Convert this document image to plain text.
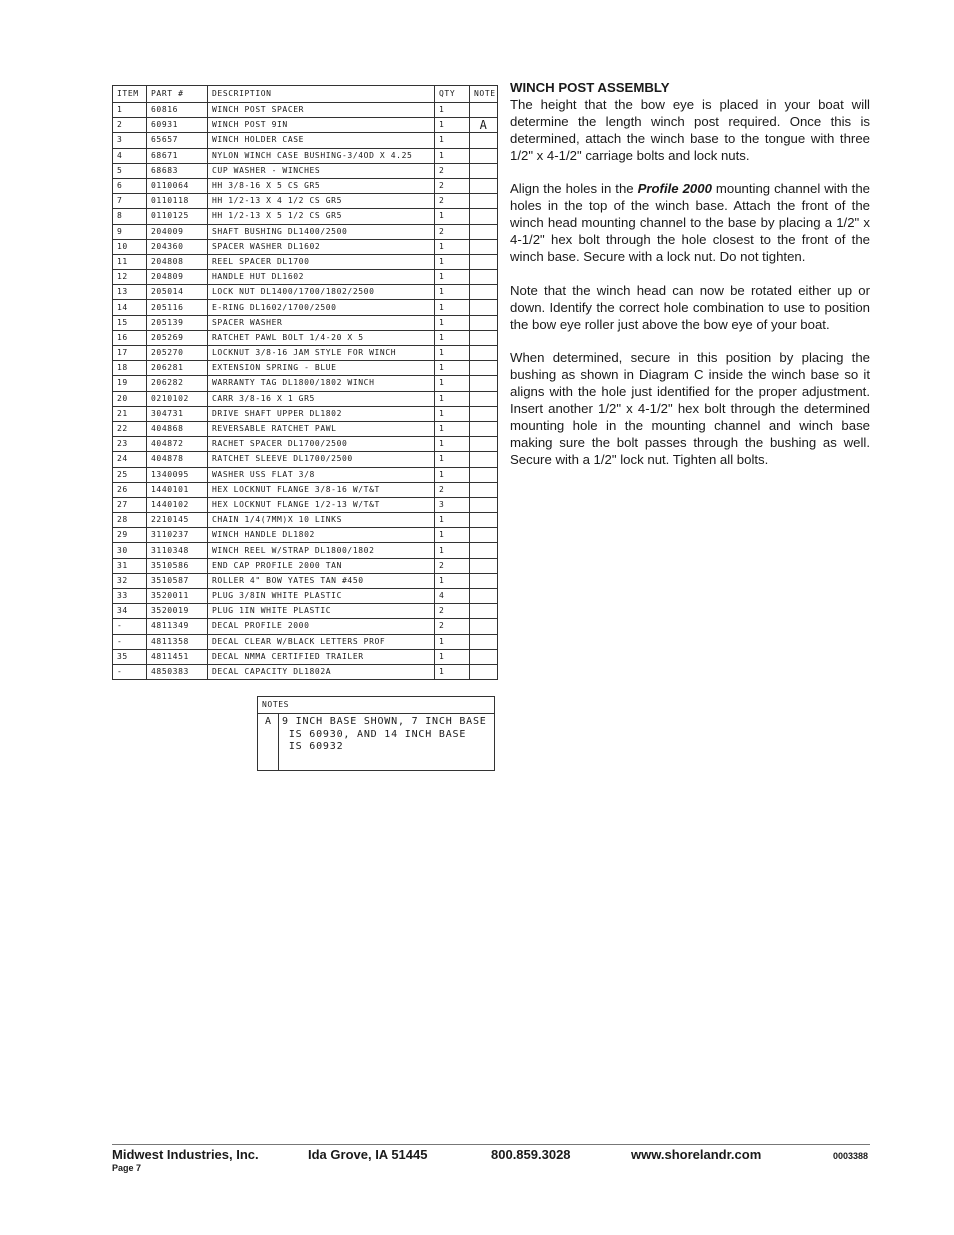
ITEM	PART #	DESCRIPTION	QTY	NOTE
1	60816	WINCH POST SPACER	1	
2	60931	WINCH POST 9IN	1	A
3	65657	WINCH HOLDER CASE	1	
4	68671	NYLON WINCH CASE BUSHING-3/4OD X 4.25	1	
5	68683	CUP WASHER - WINCHES	2	
6	0110064	HH 3/8-16 X 5 CS GR5	2	
7	0110118	HH 1/2-13 X 4 1/2 CS GR5	2	
8	0110125	HH 1/2-13 X 5 1/2 CS GR5	1	
9	204009	SHAFT BUSHING DL1400/2500	2	
10	204360	SPACER WASHER DL1602	1	
11	204808	REEL SPACER DL1700	1	
12	204809	HANDLE HUT DL1602	1	
13	205014	LOCK NUT DL1400/1700/1802/2500	1	
14	205116	E-RING DL1602/1700/2500	1	
15	205139	SPACER WASHER	1	
16	205269	RATCHET PAWL BOLT 1/4-20 X 5	1	
17	205270	LOCKNUT 3/8-16 JAM STYLE FOR WINCH	1	
18	206281	EXTENSION SPRING - BLUE	1	
19	206282	WARRANTY TAG DL1800/1802 WINCH	1	
20	0210102	CARR 3/8-16 X 1 GR5	1	
21	304731	DRIVE SHAFT UPPER DL1802	1	
22	404868	REVERSABLE RATCHET PAWL	1	
23	404872	RACHET SPACER DL1700/2500	1	
24	404878	RATCHET SLEEVE DL1700/2500	1	
25	1340095	WASHER USS FLAT 3/8	1	
26	1440101	HEX LOCKNUT FLANGE 3/8-16 W/T&T	2	
27	1440102	HEX LOCKNUT FLANGE 1/2-13 W/T&T	3	
28	2210145	CHAIN 1/4(7MM)X 10 LINKS	1	
29	3110237	WINCH HANDLE DL1802	1	
30	3110348	WINCH REEL W/STRAP DL1800/1802	1	
31	3510586	END CAP PROFILE 2000 TAN	2	
32	3510587	ROLLER 4" BOW YATES TAN #450	1	
33	3520011	PLUG 3/8IN WHITE PLASTIC	4	
34	3520019	PLUG 1IN WHITE PLASTIC	2	
-	4811349	DECAL PROFILE 2000	2	
-	4811358	DECAL CLEAR W/BLACK LETTERS PROF	1	
35	4811451	DECAL NMMA CERTIFIED TRAILER	1	
-	4850383	DECAL CAPACITY DL1802A	1	
NOTES
A	9 INCH BASE SHOWN, 7 INCH BASE
IS 60930, AND 14 INCH BASE
IS 60932
WINCH POST ASSEMBLY

The height that the bow eye is placed in your boat will determine the length winch post required. Once this is determined, attach the winch base to the tongue with three 1/2" x 4-1/2" carriage bolts and lock nuts.

Align the holes in the Profile 2000 mounting channel with the holes in the top of the winch base. Attach the front of the winch head mounting channel to the base by placing a 1/2" x 4-1/2" hex bolt through the hole closest to the front of the winch base. Secure with a lock nut. Do not tighten.

Note that the winch head can now be rotated either up or down. Identify the correct hole combination to use to position the bow eye roller just above the bow eye of your boat.

When determined, secure in this position by placing the bushing as shown in Diagram C inside the winch base so it aligns with the hole just identified for the proper adjustment. Insert another 1/2" x 4-1/2" hex bolt through the determined mounting hole in the mounting channel and winch base making sure the bolt passes through the bushing as well. Secure with a 1/2" lock nut. Tighten all bolts.

Midwest Industries, Inc.	Ida Grove, IA 51445	800.859.3028	www.shorelandr.com	0003388
Page 7
